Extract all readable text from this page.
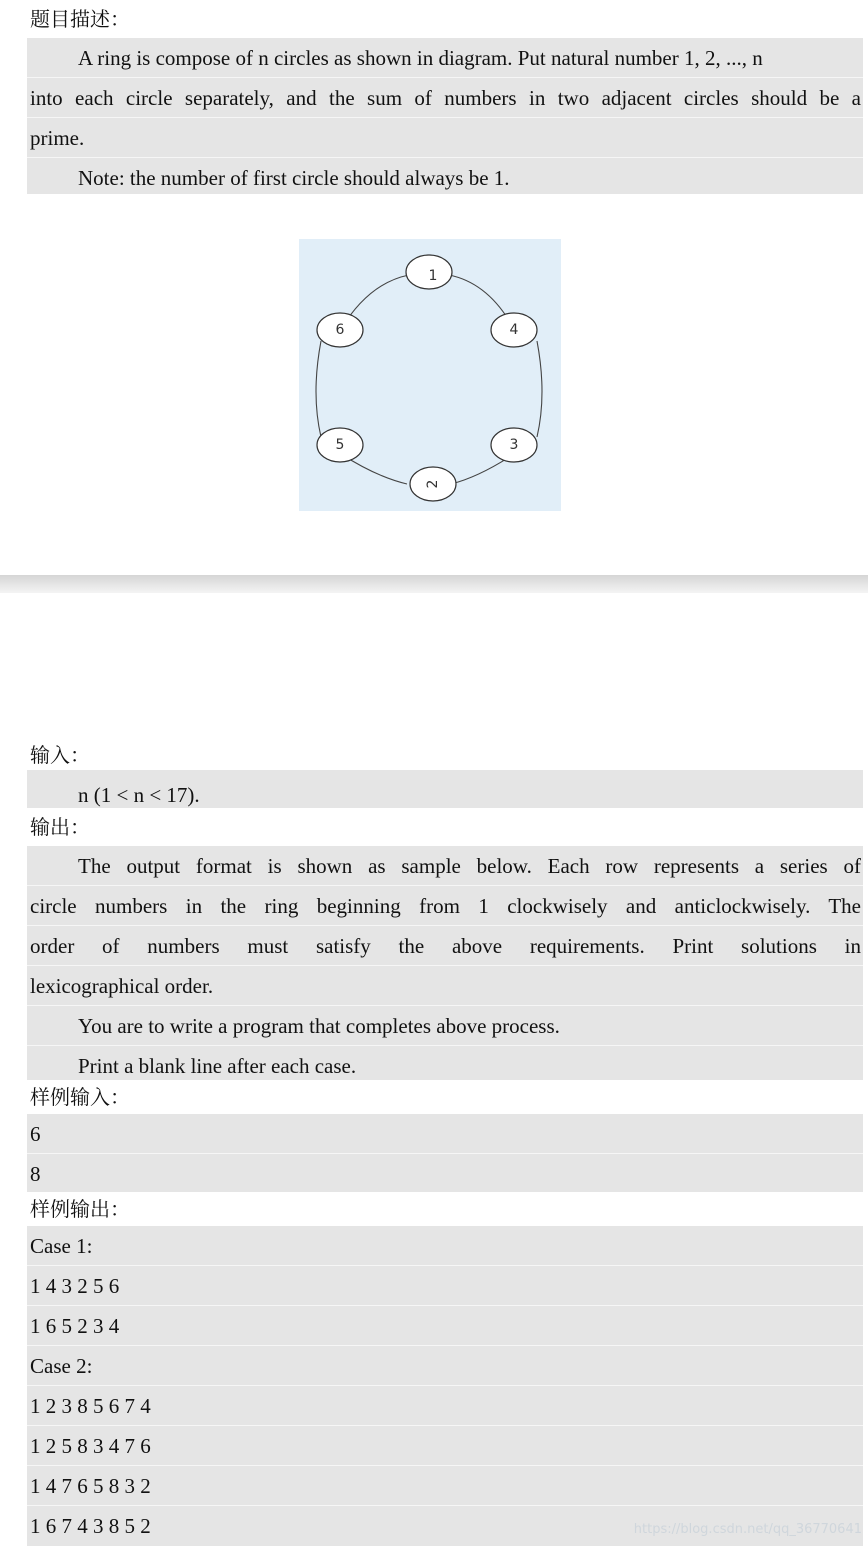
题目描述：
A ring is compose of n circles as shown in diagram. Put natural number 1, 2, ..., n
into each circle separately, and the sum of numbers in two adjacent circles should be a
prime.
Note: the number of first circle should always be 1.
1
4
3
2
5
6
输入：
n (1 < n < 17).
输出：
The output format is shown as sample below. Each row represents a series of
circle numbers in the ring beginning from 1 clockwisely and anticlockwisely. The
order of numbers must satisfy the above requirements. Print solutions in
lexicographical order.
You are to write a program that completes above process.
Print a blank line after each case.
样例输入：
6
8
样例输出：
Case 1:
1 4 3 2 5 6
1 6 5 2 3 4
Case 2:
1 2 3 8 5 6 7 4
1 2 5 8 3 4 7 6
1 4 7 6 5 8 3 2
1 6 7 4 3 8 5 2	https://blog.csdn.net/qq_36770641
